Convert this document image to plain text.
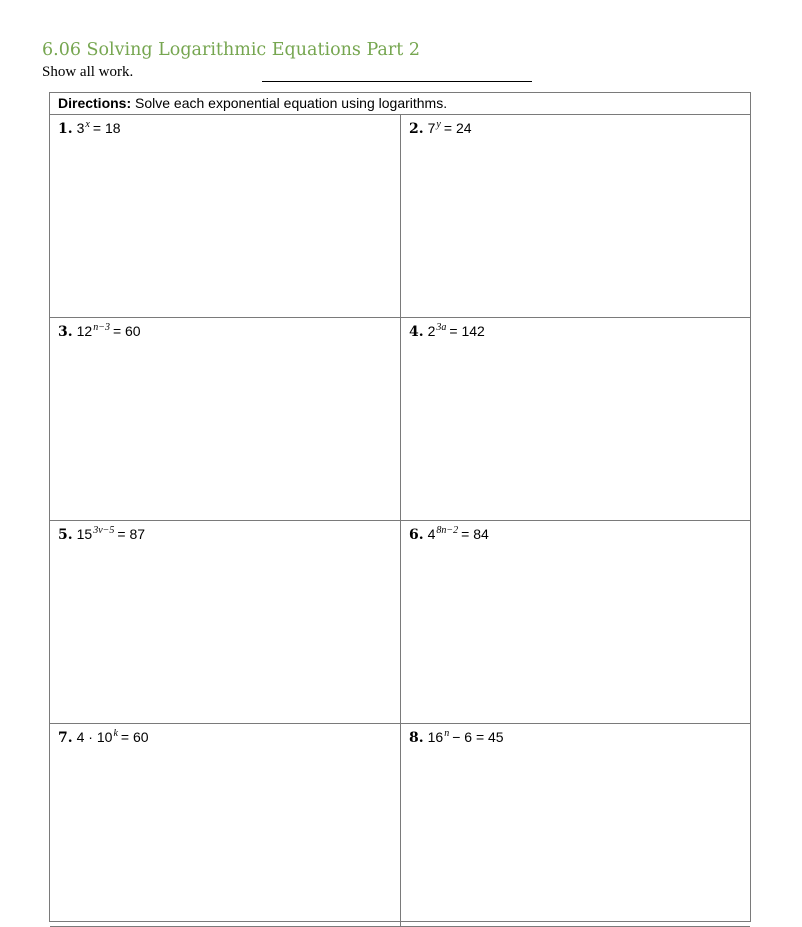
6.06 Solving Logarithmic Equations Part 2
Show all work.
Directions: Solve each exponential equation using logarithms.
1. $3^x = 18$	2. $7^y = 24$
3. $12^{n-3} = 60$	4. $2^{3a} = 142$
5. $15^{3v-5} = 87$	6. $4^{8n-2} = 84$
7. $4 \cdot 10^k = 60$	8. $16^n - 6 = 45$
